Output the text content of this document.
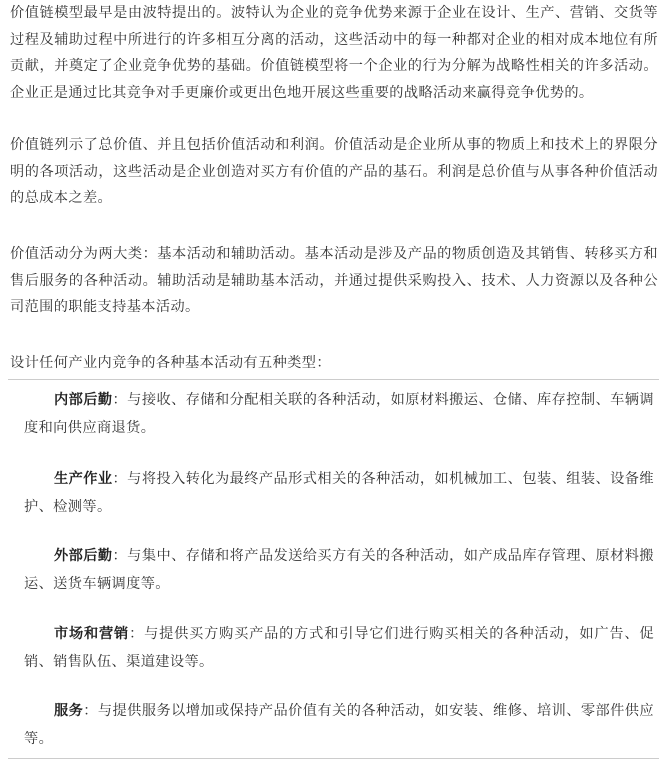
价值链模型最早是由波特提出的。波特认为企业的竞争优势来源于企业在设计、生产、营销、交货等过程及辅助过程中所进行的许多相互分离的活动，这些活动中的每一种都对企业的相对成本地位有所贡献，并奠定了企业竞争优势的基础。价值链模型将一个企业的行为分解为战略性相关的许多活动。企业正是通过比其竞争对手更廉价或更出色地开展这些重要的战略活动来赢得竞争优势的。

价值链列示了总价值、并且包括价值活动和利润。价值活动是企业所从事的物质上和技术上的界限分明的各项活动，这些活动是企业创造对买方有价值的产品的基石。利润是总价值与从事各种价值活动的总成本之差。

价值活动分为两大类：基本活动和辅助活动。基本活动是涉及产品的物质创造及其销售、转移买方和售后服务的各种活动。辅助活动是辅助基本活动，并通过提供采购投入、技术、人力资源以及各种公司范围的职能支持基本活动。

设计任何产业内竞争的各种基本活动有五种类型：

内部后勤：与接收、存储和分配相关联的各种活动，如原材料搬运、仓储、库存控制、车辆调度和向供应商退货。

生产作业：与将投入转化为最终产品形式相关的各种活动，如机械加工、包装、组装、设备维护、检测等。

外部后勤：与集中、存储和将产品发送给买方有关的各种活动，如产成品库存管理、原材料搬运、送货车辆调度等。

市场和营销：与提供买方购买产品的方式和引导它们进行购买相关的各种活动，如广告、促销、销售队伍、渠道建设等。

服务：与提供服务以增加或保持产品价值有关的各种活动，如安装、维修、培训、零部件供应等。
